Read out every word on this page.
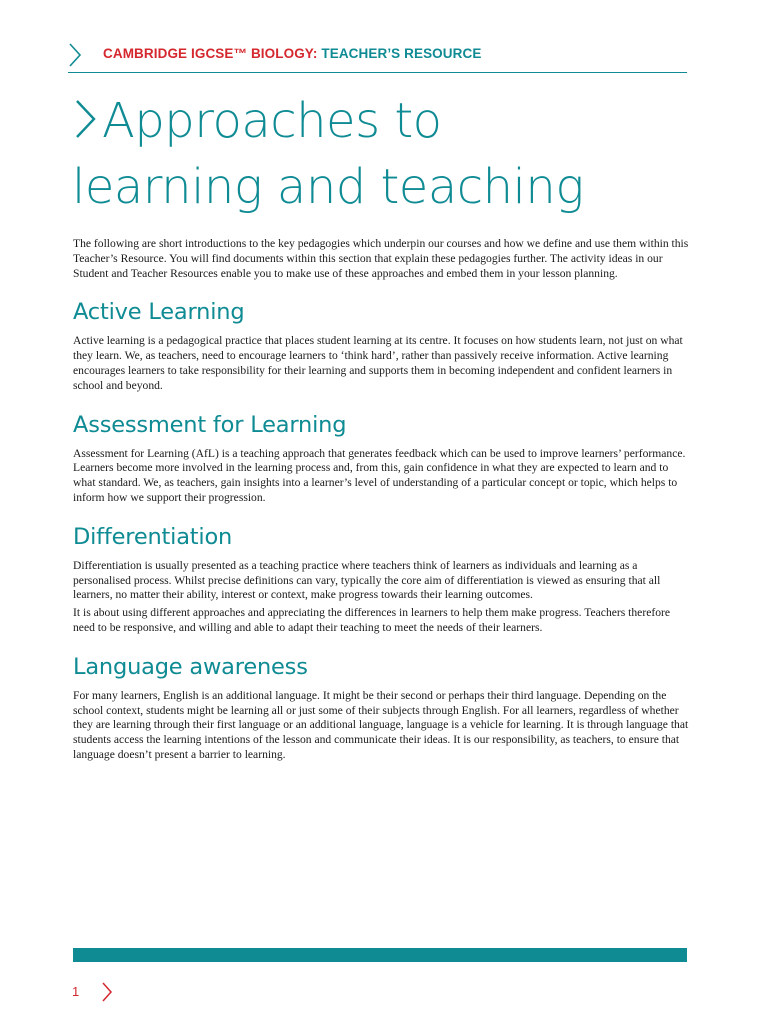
CAMBRIDGE IGCSE™ BIOLOGY: TEACHER’S RESOURCE
Approaches to
learning and teaching

The following are short introductions to the key pedagogies which underpin our courses and how we define and use them within this Teacher’s Resource. You will find documents within this section that explain these pedagogies further. The activity ideas in our Student and Teacher Resources enable you to make use of these approaches and embed them in your lesson planning.

Active Learning

Active learning is a pedagogical practice that places student learning at its centre. It focuses on how students learn, not just on what they learn. We, as teachers, need to encourage learners to ‘think hard’, rather than passively receive information. Active learning encourages learners to take responsibility for their learning and supports them in becoming independent and confident learners in school and beyond.

Assessment for Learning

Assessment for Learning (AfL) is a teaching approach that generates feedback which can be used to improve learners’ performance. Learners become more involved in the learning process and, from this, gain confidence in what they are expected to learn and to what standard. We, as teachers, gain insights into a learner’s level of understanding of a particular concept or topic, which helps to inform how we support their progression.

Differentiation

Differentiation is usually presented as a teaching practice where teachers think of learners as individuals and learning as a personalised process. Whilst precise definitions can vary, typically the core aim of differentiation is viewed as ensuring that all learners, no matter their ability, interest or context, make progress towards their learning outcomes.

It is about using different approaches and appreciating the differences in learners to help them make progress. Teachers therefore need to be responsive, and willing and able to adapt their teaching to meet the needs of their learners.

Language awareness

For many learners, English is an additional language. It might be their second or perhaps their third language. Depending on the school context, students might be learning all or just some of their subjects through English. For all learners, regardless of whether they are learning through their first language or an additional language, language is a vehicle for learning. It is through language that students access the learning intentions of the lesson and communicate their ideas. It is our responsibility, as teachers, to ensure that language doesn’t present a barrier to learning.

1
